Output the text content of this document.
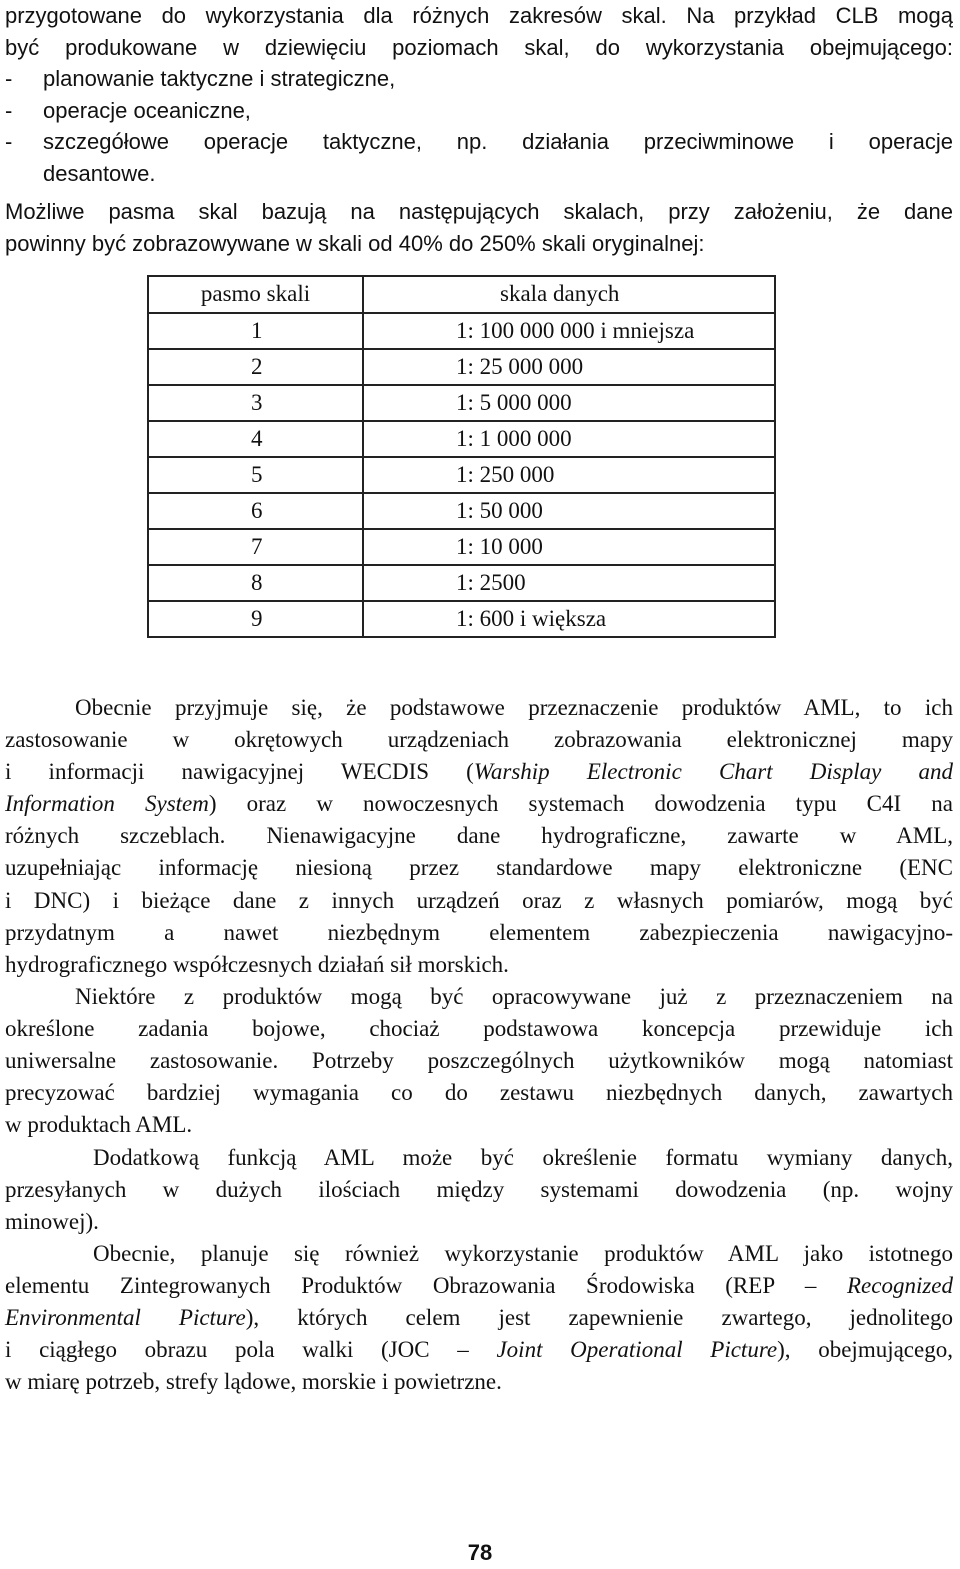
przygotowane do wykorzystania dla różnych zakresów skal. Na przykład CLB mogą
być produkowane w dziewięciu poziomach skal, do wykorzystania obejmującego:
- planowanie taktyczne i strategiczne,
- operacje oceaniczne,
-	szczegółowe operacje taktyczne, np. działania przeciwminowe i operacje
desantowe.
Możliwe pasma skal bazują na następujących skalach, przy założeniu, że dane
powinny być zobrazowywane w skali od 40% do 250% skali oryginalnej:
pasmo skali	skala danych
1	1: 100 000 000 i mniejsza
2	1: 25 000 000
3	1: 5 000 000
4	1: 1 000 000
5	1: 250 000
6	1: 50 000
7	1: 10 000
8	1: 2500
9	1: 600 i większa
Obecnie przyjmuje się, że podstawowe przeznaczenie produktów AML, to ich
zastosowanie w okrętowych urządzeniach zobrazowania elektronicznej mapy
i informacji nawigacyjnej WECDIS (Warship Electronic Chart Display and
Information System) oraz w nowoczesnych systemach dowodzenia typu C4I na
różnych szczeblach. Nienawigacyjne dane hydrograficzne, zawarte w AML,
uzupełniając informację niesioną przez standardowe mapy elektroniczne (ENC
i DNC) i bieżące dane z innych urządzeń oraz z własnych pomiarów, mogą być
przydatnym a nawet niezbędnym elementem zabezpieczenia nawigacyjno-
hydrograficznego współczesnych działań sił morskich.
Niektóre z produktów mogą być opracowywane już z przeznaczeniem na
określone zadania bojowe, chociaż podstawowa koncepcja przewiduje ich
uniwersalne zastosowanie. Potrzeby poszczególnych użytkowników mogą natomiast
precyzować bardziej wymagania co do zestawu niezbędnych danych, zawartych
w produktach AML.
Dodatkową funkcją AML może być określenie formatu wymiany danych,
przesyłanych w dużych ilościach między systemami dowodzenia (np. wojny
minowej).
Obecnie, planuje się również wykorzystanie produktów AML jako istotnego
elementu Zintegrowanych Produktów Obrazowania Środowiska (REP – Recognized
Environmental Picture), których celem jest zapewnienie zwartego, jednolitego
i ciągłego obrazu pola walki (JOC – Joint Operational Picture), obejmującego,
w miarę potrzeb, strefy lądowe, morskie i powietrzne.
78
